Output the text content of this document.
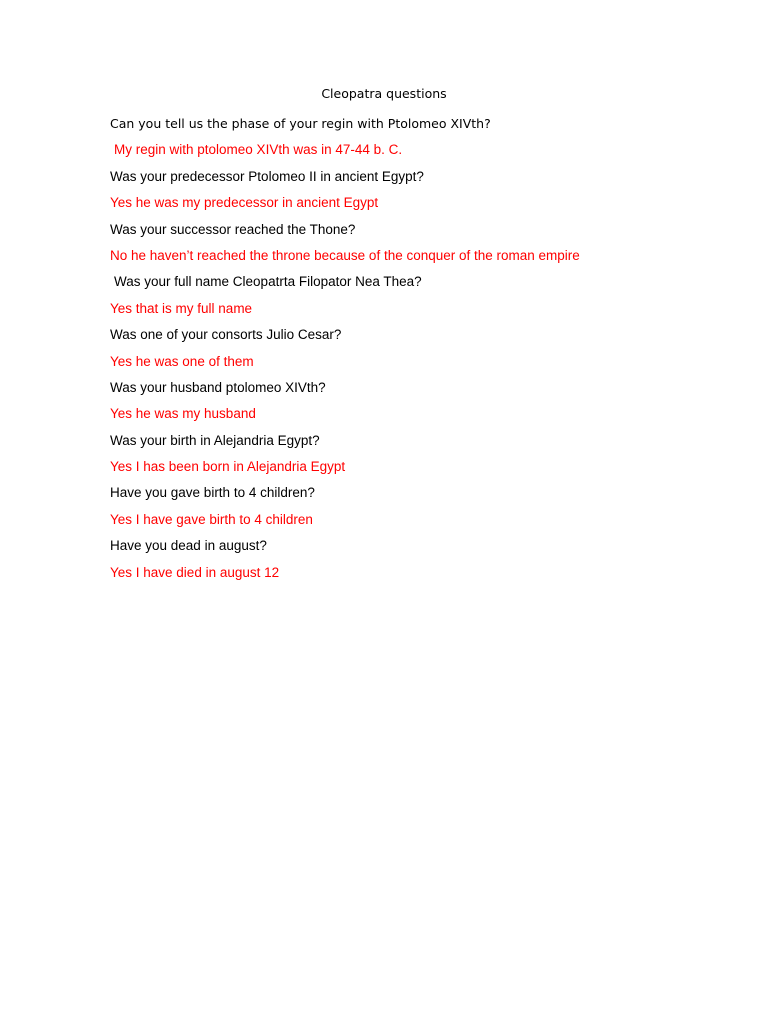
Cleopatra questions
Can you tell us the phase of your regin with Ptolomeo XIVth?
My regin with ptolomeo XIVth was in 47-44 b. C.
Was your predecessor Ptolomeo II in ancient Egypt?
Yes he was my predecessor in ancient Egypt
Was your successor reached the Thone?
No he haven’t reached the throne because of the conquer of the roman empire
Was your full name Cleopatrta Filopator Nea Thea?
Yes that is my full name
Was one of your consorts Julio Cesar?
Yes he was one of them
Was your husband ptolomeo XIVth?
Yes he was my husband
Was your birth in Alejandria Egypt?
Yes I has been born in Alejandria Egypt
Have you gave birth to 4 children?
Yes I have gave birth to 4 children
Have you dead in august?
Yes I have died in august 12
